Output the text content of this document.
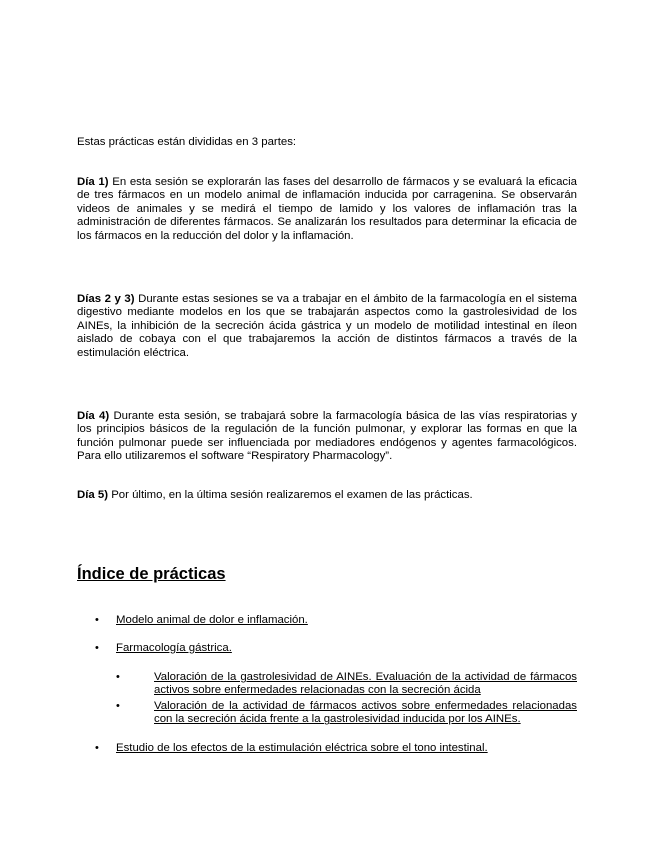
Estas prácticas están divididas en 3 partes:

Día 1) En esta sesión se explorarán las fases del desarrollo de fármacos y se evaluará la eficacia de tres fármacos en un modelo animal de inflamación inducida por carragenina. Se observarán videos de animales y se medirá el tiempo de lamido y los valores de inflamación tras la administración de diferentes fármacos. Se analizarán los resultados para determinar la eficacia de los fármacos en la reducción del dolor y la inflamación.

Días 2 y 3) Durante estas sesiones se va a trabajar en el ámbito de la farmacología en el sistema digestivo mediante modelos en los que se trabajarán aspectos como la gastrolesividad de los AINEs, la inhibición de la secreción ácida gástrica y un modelo de motilidad intestinal en íleon aislado de cobaya con el que trabajaremos la acción de distintos fármacos a través de la estimulación eléctrica.

Día 4) Durante esta sesión, se trabajará sobre la farmacología básica de las vías respiratorias y los principios básicos de la regulación de la función pulmonar, y explorar las formas en que la función pulmonar puede ser influenciada por mediadores endógenos y agentes farmacológicos. Para ello utilizaremos el software “Respiratory Pharmacology”.

Día 5) Por último, en la última sesión realizaremos el examen de las prácticas.

Índice de prácticas
• Modelo animal de dolor e inflamación.
• Farmacología gástrica.
•	Valoración de la gastrolesividad de AINEs. Evaluación de la actividad de fármacos activos sobre enfermedades relacionadas con la secreción ácida
•	Valoración de la actividad de fármacos activos sobre enfermedades relacionadas con la secreción ácida frente a la gastrolesividad inducida por los AINEs.
• Estudio de los efectos de la estimulación eléctrica sobre el tono intestinal.
